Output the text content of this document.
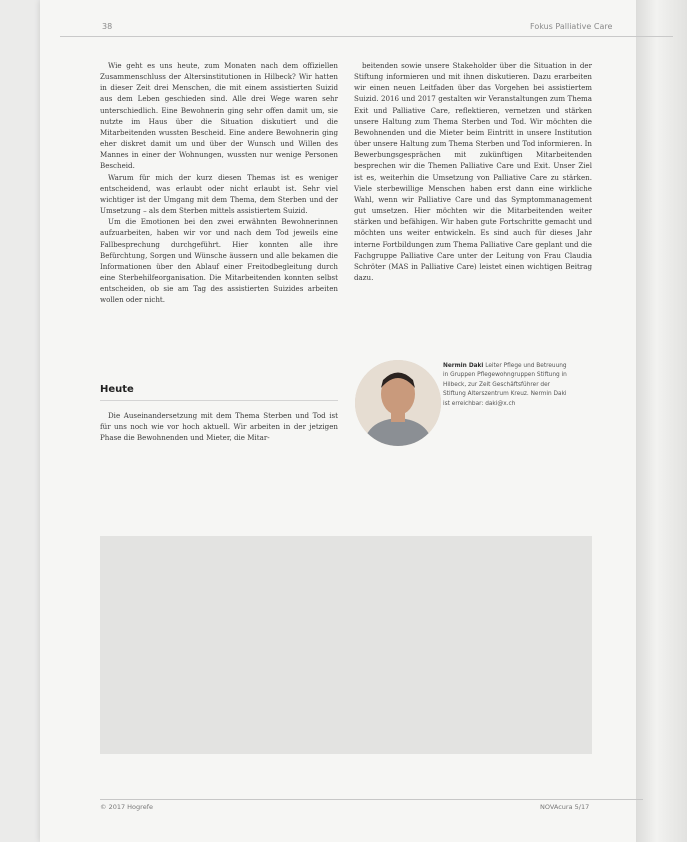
38	Fokus Palliative Care

Wie geht es uns heute, zum Monaten nach dem offiziellen Zusammenschluss der Altersinstitutionen in Hilbeck? Wir hatten in dieser Zeit drei Menschen, die mit einem assistierten Suizid aus dem Leben geschieden sind. Alle drei Wege waren sehr unterschiedlich. Eine Bewohnerin ging sehr offen damit um, sie nutzte im Haus über die Situation diskutiert und die Mitarbeitenden wussten Bescheid. Eine andere Bewohnerin ging eher diskret damit um und über der Wunsch und Willen des Mannes in einer der Wohnungen, wussten nur wenige Personen Bescheid.

Warum für mich der kurz diesen Themas ist es weniger entscheidend, was erlaubt oder nicht erlaubt ist. Sehr viel wichtiger ist der Umgang mit dem Thema, dem Sterben und der Umsetzung – als dem Sterben mittels assistiertem Suizid.

Um die Emotionen bei den zwei erwähnten Bewohnerinnen aufzuarbeiten, haben wir vor und nach dem Tod jeweils eine Fallbesprechung durchgeführt. Hier konnten alle ihre Befürchtung, Sorgen und Wünsche äussern und alle bekamen die Informationen über den Ablauf einer Freitodbegleitung durch eine Sterbehilfeorganisation. Die Mitarbeitenden konnten selbst entscheiden, ob sie am Tag des assistierten Suizides arbeiten wollen oder nicht.

Heute

Die Auseinandersetzung mit dem Thema Sterben und Tod ist für uns noch wie vor hoch aktuell. Wir arbeiten in der jetzigen Phase die Bewohnenden und Mieter, die Mitar-

beitenden sowie unsere Stakeholder über die Situation in der Stiftung informieren und mit ihnen diskutieren. Dazu erarbeiten wir einen neuen Leitfaden über das Vorgehen bei assistiertem Suizid. 2016 und 2017 gestalten wir Veranstaltungen zum Thema Exit und Palliative Care, reflektieren, vernetzen und stärken unsere Haltung zum Thema Sterben und Tod. Wir möchten die Bewohnenden und die Mieter beim Eintritt in unsere Institution über unsere Haltung zum Thema Sterben und Tod informieren. In Bewerbungsgesprächen mit zukünftigen Mitarbeitenden besprechen wir die Themen Palliative Care und Exit. Unser Ziel ist es, weiterhin die Umsetzung von Palliative Care zu stärken. Viele sterbewillige Menschen haben erst dann eine wirkliche Wahl, wenn wir Palliative Care und das Symptommanagement gut umsetzen. Hier möchten wir die Mitarbeitenden weiter stärken und befähigen. Wir haben gute Fortschritte gemacht und möchten uns weiter entwickeln. Es sind auch für dieses Jahr interne Fortbildungen zum Thema Palliative Care geplant und die Fachgruppe Palliative Care unter der Leitung von Frau Claudia Schröter (MAS in Palliative Care) leistet einen wichtigen Beitrag dazu.

Nermin Daki Leiter Pflege und Betreuung in Gruppen Pflegewohngruppen Stiftung in Hilbeck, zur Zeit Geschäftsführer der Stiftung Alterszentrum Kreuz. Nermin Daki ist erreichbar: daki@x.ch
© 2017 Hogrefe	NOVAcura 5/17
